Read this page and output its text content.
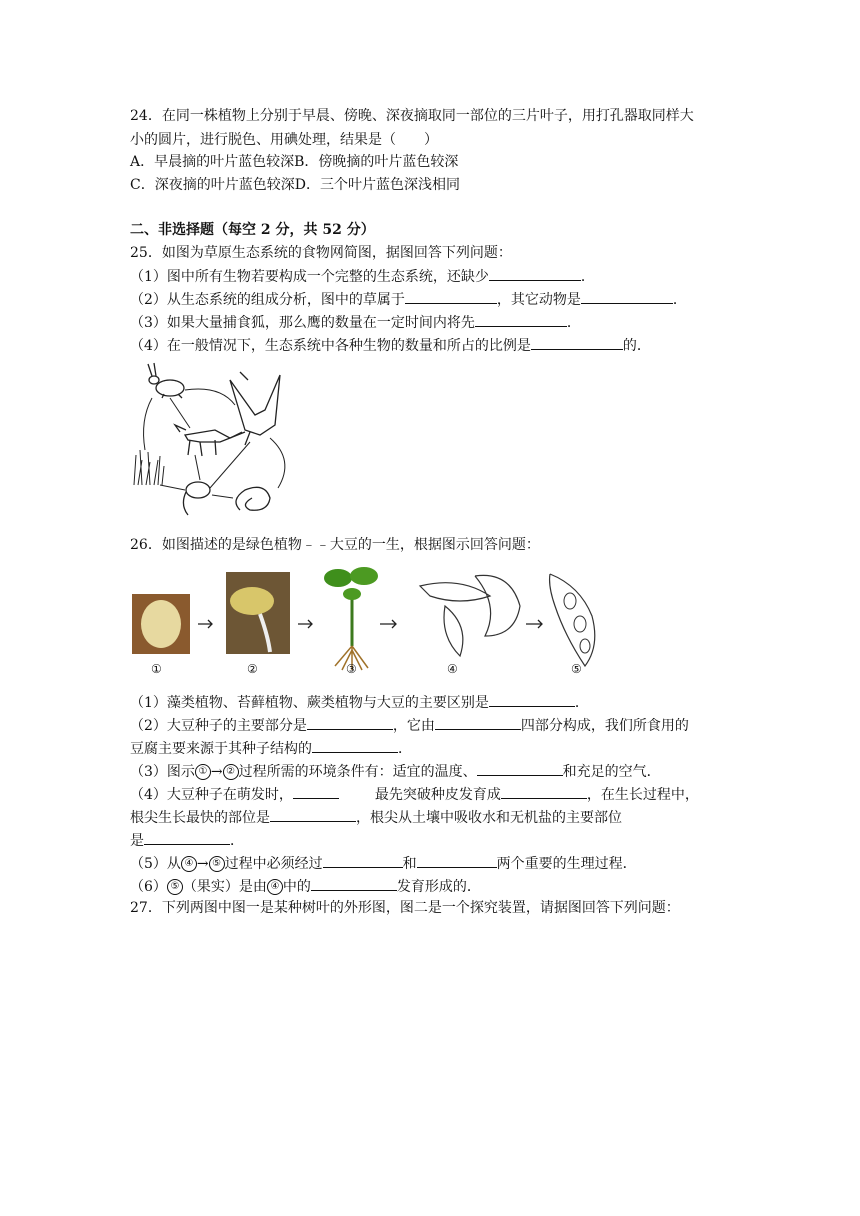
24．在同一株植物上分别于早晨、傍晚、深夜摘取同一部位的三片叶子，用打孔器取同样大
小的圆片，进行脱色、用碘处理，结果是（　　）
A．早晨摘的叶片蓝色较深B．傍晚摘的叶片蓝色较深
C．深夜摘的叶片蓝色较深D．三个叶片蓝色深浅相同
二、非选择题（每空 2 分，共 52 分）
25．如图为草原生态系统的食物网简图，据图回答下列问题：
（1）图中所有生物若要构成一个完整的生态系统，还缺少	．
（2）从生态系统的组成分析，图中的草属于	，其它动物是	．
（3）如果大量捕食狐，那么鹰的数量在一定时间内将先	．
（4）在一般情况下，生态系统中各种生物的数量和所占的比例是	的．
26．如图描述的是绿色植物﹣﹣大豆的一生，根据图示回答问题：
①	②	③	④	⑤
（1）藻类植物、苔藓植物、蕨类植物与大豆的主要区别是	．
（2）大豆种子的主要部分是	，它由	四部分构成，我们所食用的
豆腐主要来源于其种子结构的	．
（3）图示 ① → ② 过程所需的环境条件有：适宜的温度、	和充足的空气．
（4）大豆种子在萌发时，	最先突破种皮发育成	，在生长过程中，
根尖生长最快的部位是	，根尖从土壤中吸收水和无机盐的主要部位
是	．
（5）从 ④ → ⑤ 过程中必须经过	和	两个重要的生理过程．
（6） ⑤ （果实）是由 ④ 中的	发育形成的．
27．下列两图中图一是某种树叶的外形图，图二是一个探究装置，请据图回答下列问题：
